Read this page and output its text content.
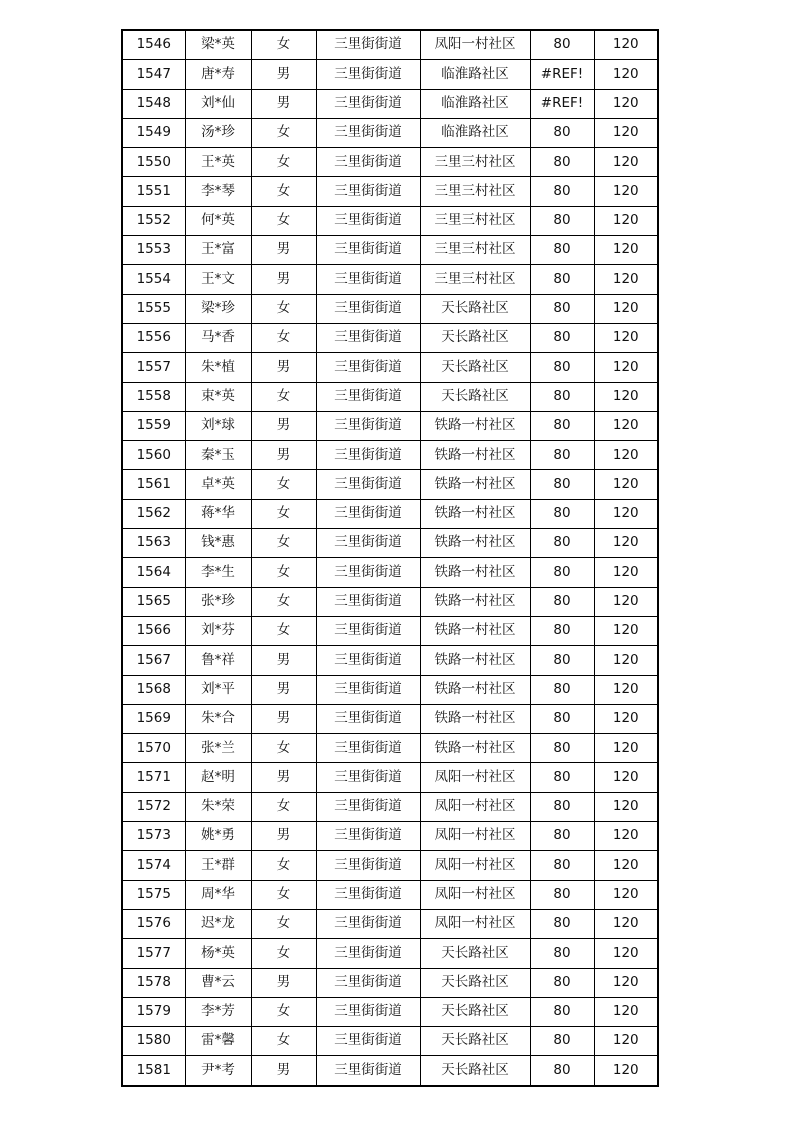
1546	梁*英	女	三里街街道	凤阳一村社区	80	120
1547	唐*寿	男	三里街街道	临淮路社区	#REF!	120
1548	刘*仙	男	三里街街道	临淮路社区	#REF!	120
1549	汤*珍	女	三里街街道	临淮路社区	80	120
1550	王*英	女	三里街街道	三里三村社区	80	120
1551	李*琴	女	三里街街道	三里三村社区	80	120
1552	何*英	女	三里街街道	三里三村社区	80	120
1553	王*富	男	三里街街道	三里三村社区	80	120
1554	王*文	男	三里街街道	三里三村社区	80	120
1555	梁*珍	女	三里街街道	天长路社区	80	120
1556	马*香	女	三里街街道	天长路社区	80	120
1557	朱*植	男	三里街街道	天长路社区	80	120
1558	束*英	女	三里街街道	天长路社区	80	120
1559	刘*球	男	三里街街道	铁路一村社区	80	120
1560	秦*玉	男	三里街街道	铁路一村社区	80	120
1561	卓*英	女	三里街街道	铁路一村社区	80	120
1562	蒋*华	女	三里街街道	铁路一村社区	80	120
1563	钱*惠	女	三里街街道	铁路一村社区	80	120
1564	李*生	女	三里街街道	铁路一村社区	80	120
1565	张*珍	女	三里街街道	铁路一村社区	80	120
1566	刘*芬	女	三里街街道	铁路一村社区	80	120
1567	鲁*祥	男	三里街街道	铁路一村社区	80	120
1568	刘*平	男	三里街街道	铁路一村社区	80	120
1569	朱*合	男	三里街街道	铁路一村社区	80	120
1570	张*兰	女	三里街街道	铁路一村社区	80	120
1571	赵*明	男	三里街街道	凤阳一村社区	80	120
1572	朱*荣	女	三里街街道	凤阳一村社区	80	120
1573	姚*勇	男	三里街街道	凤阳一村社区	80	120
1574	王*群	女	三里街街道	凤阳一村社区	80	120
1575	周*华	女	三里街街道	凤阳一村社区	80	120
1576	迟*龙	女	三里街街道	凤阳一村社区	80	120
1577	杨*英	女	三里街街道	天长路社区	80	120
1578	曹*云	男	三里街街道	天长路社区	80	120
1579	李*芳	女	三里街街道	天长路社区	80	120
1580	雷*馨	女	三里街街道	天长路社区	80	120
1581	尹*考	男	三里街街道	天长路社区	80	120
